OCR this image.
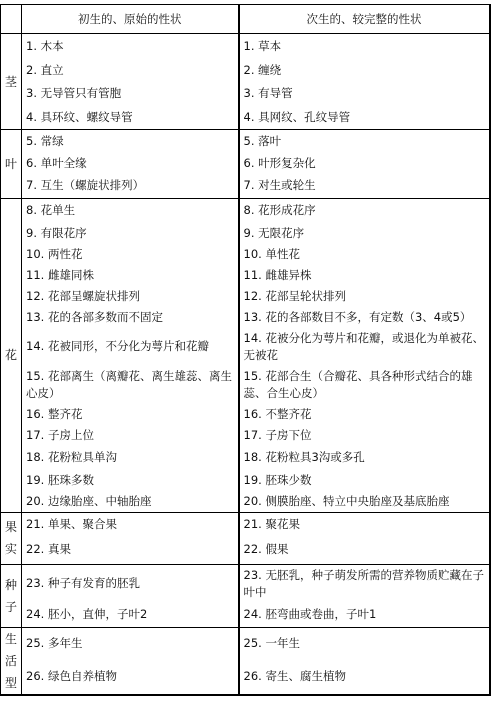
	初生的、原始的性状	次生的、较完整的性状
茎	1. 木本	1. 草本
	2. 直立	2. 缠绕
	3. 无导管只有管胞	3. 有导管
	4. 具环纹、螺纹导管	4. 具网纹、孔纹导管
叶	5. 常绿	5. 落叶
	6. 单叶全缘	6. 叶形复杂化
	7. 互生（螺旋状排列）	7. 对生或轮生
花	8. 花单生	8. 花形成花序
	9. 有限花序	9. 无限花序
	10. 两性花	10. 单性花
	11. 雌雄同株	11. 雌雄异株
	12. 花部呈螺旋状排列	12. 花部呈轮状排列
	13. 花的各部多数而不固定	13. 花的各部数目不多，有定数（3、4或5）
	14. 花被同形，不分化为萼片和花瓣	14. 花被分化为萼片和花瓣，或退化为单被花、无被花
	15. 花部离生（离瓣花、离生雄蕊、离生心皮）	15. 花部合生（合瓣花、具各种形式结合的雄蕊、合生心皮）
	16. 整齐花	16. 不整齐花
	17. 子房上位	17. 子房下位
	18. 花粉粒具单沟	18. 花粉粒具3沟或多孔
	19. 胚珠多数	19. 胚珠少数
	20. 边缘胎座、中轴胎座	20. 侧膜胎座、特立中央胎座及基底胎座
果实	21. 单果、聚合果	21. 聚花果
	22. 真果	22. 假果
种子	23. 种子有发育的胚乳	23. 无胚乳，种子萌发所需的营养物质贮藏在子叶中
	24. 胚小，直伸，子叶2	24. 胚弯曲或卷曲，子叶1
生活型	25. 多年生	25. 一年生
	26. 绿色自养植物	26. 寄生、腐生植物
